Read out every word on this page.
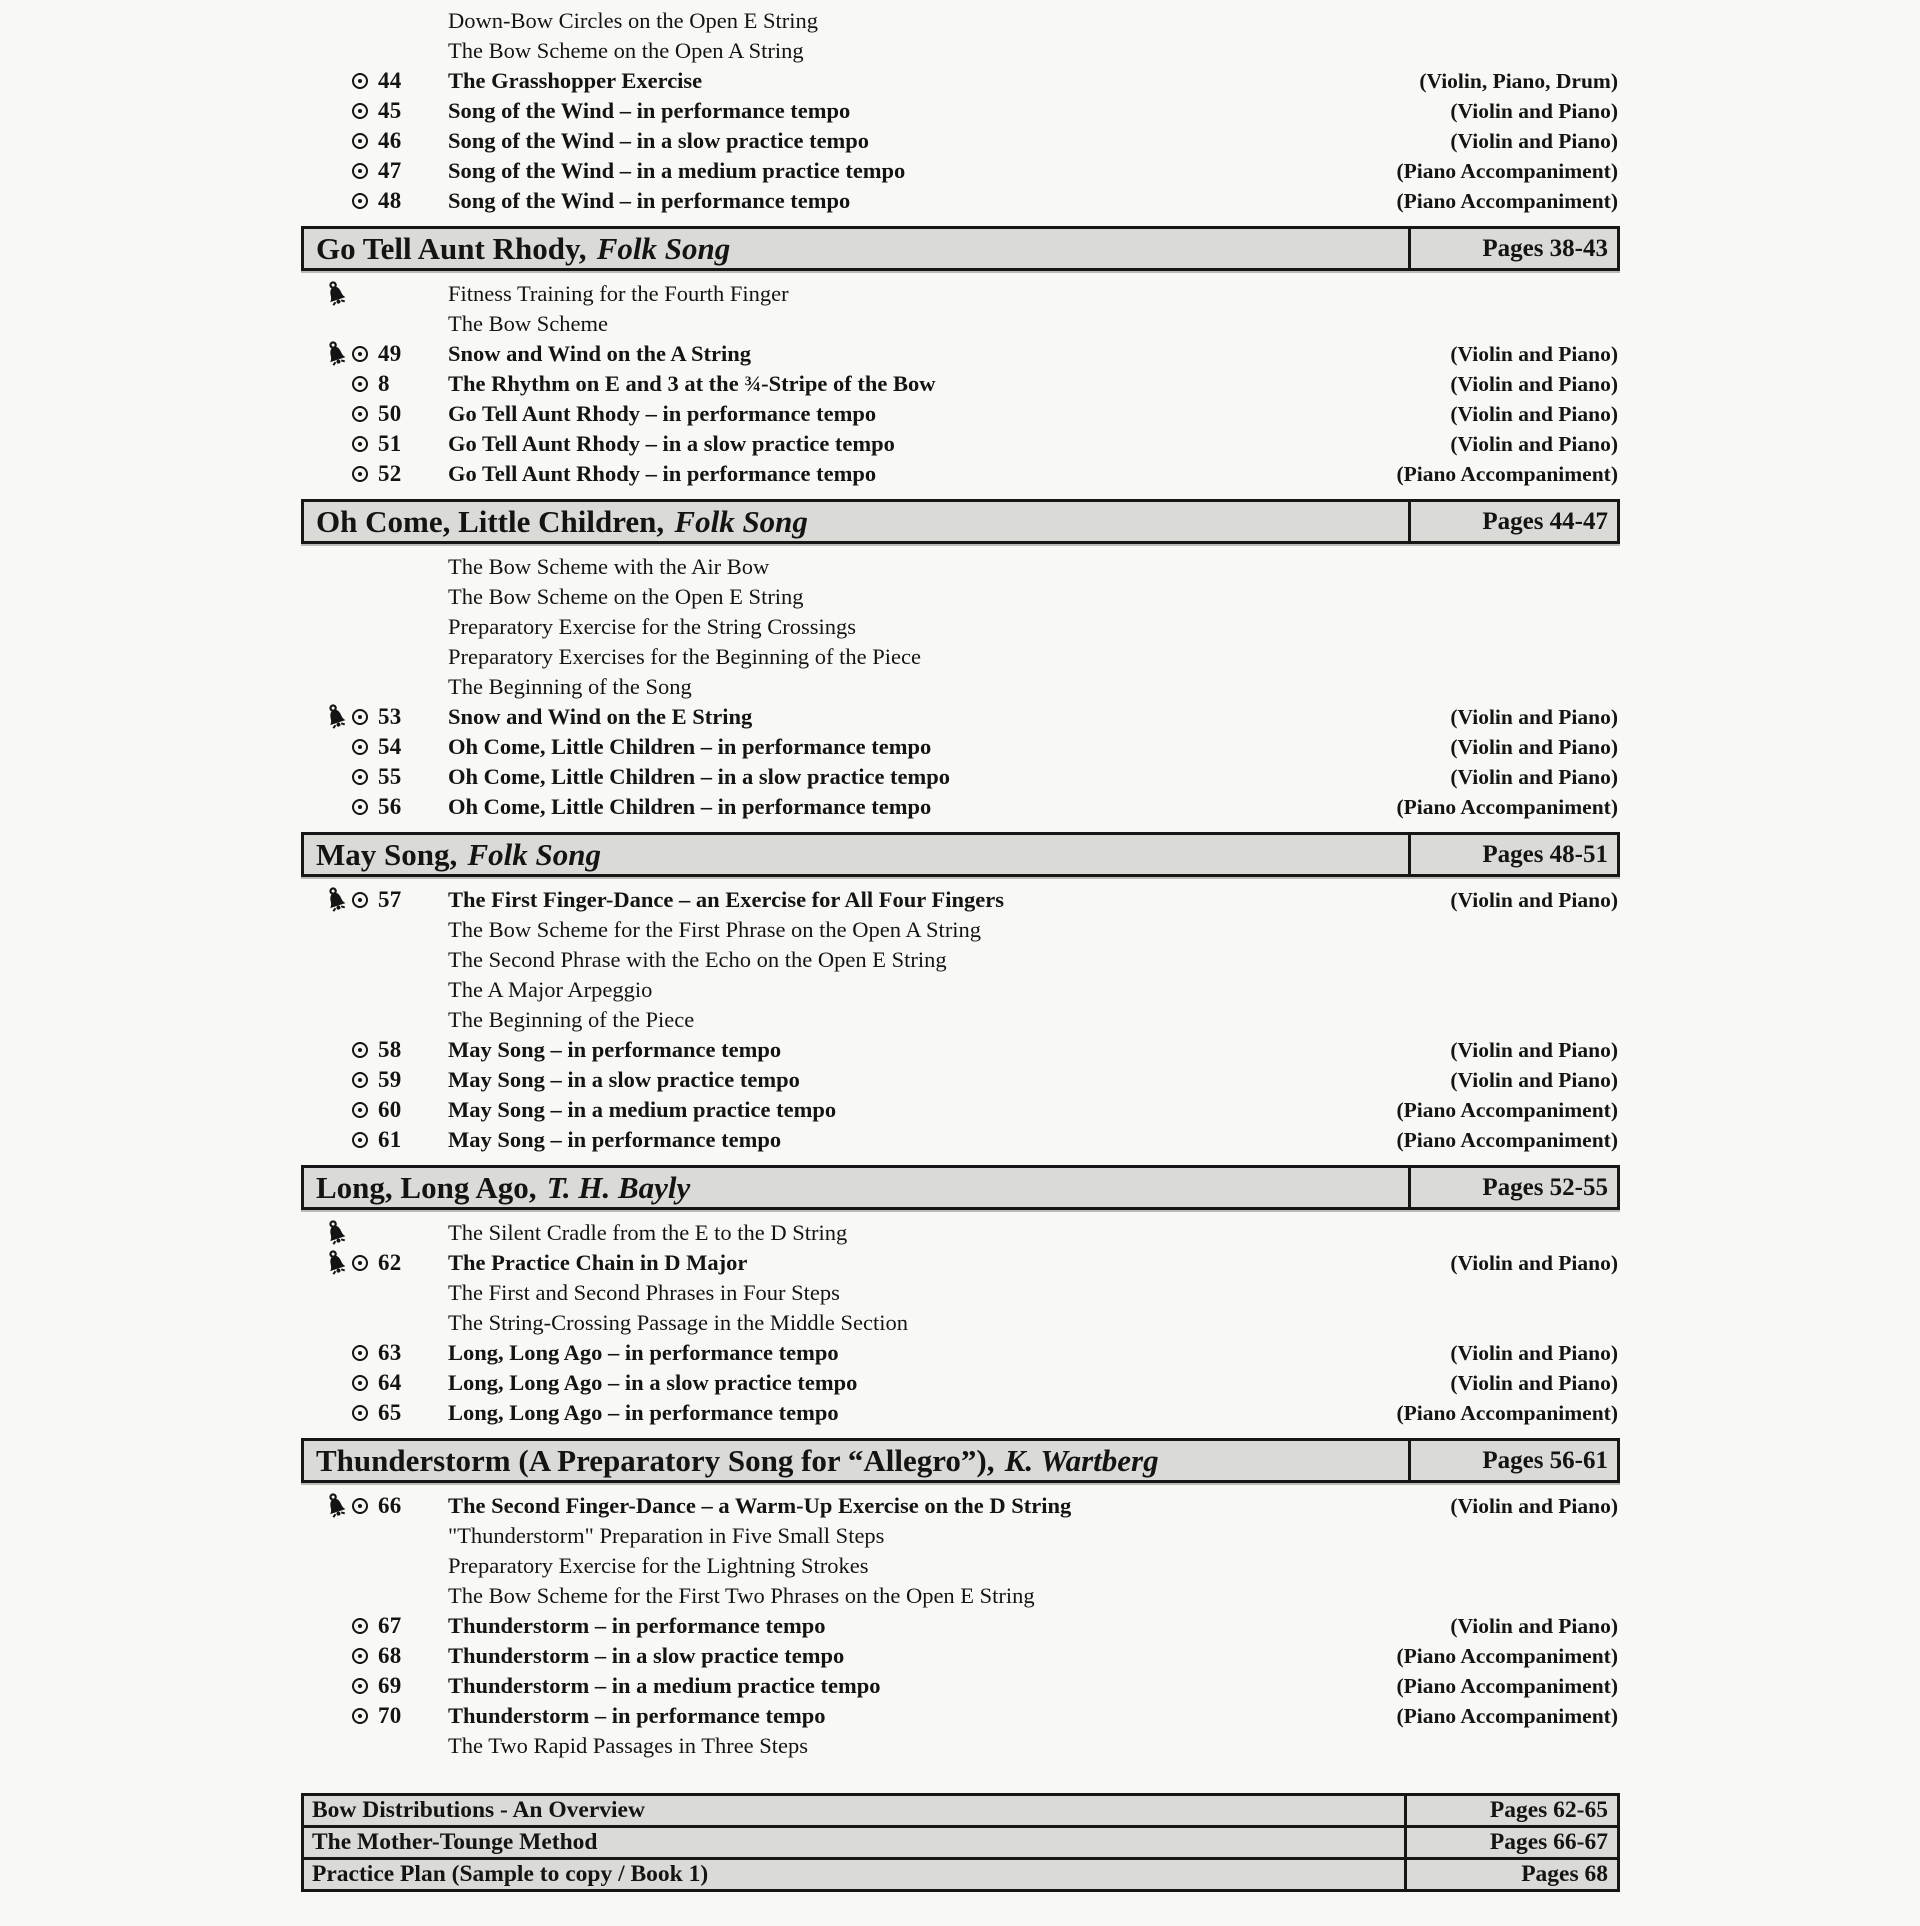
Down-Bow Circles on the Open E String
The Bow Scheme on the Open A String
44	The Grasshopper Exercise	(Violin, Piano, Drum)
45	Song of the Wind – in performance tempo	(Violin and Piano)
46	Song of the Wind – in a slow practice tempo	(Violin and Piano)
47	Song of the Wind – in a medium practice tempo	(Piano Accompaniment)
48	Song of the Wind – in performance tempo	(Piano Accompaniment)
Go Tell Aunt Rhody, Folk Song	Pages 38-43
Fitness Training for the Fourth Finger
The Bow Scheme
49	Snow and Wind on the A String	(Violin and Piano)
8	The Rhythm on E and 3 at the ¾-Stripe of the Bow	(Violin and Piano)
50	Go Tell Aunt Rhody – in performance tempo	(Violin and Piano)
51	Go Tell Aunt Rhody – in a slow practice tempo	(Violin and Piano)
52	Go Tell Aunt Rhody – in performance tempo	(Piano Accompaniment)
Oh Come, Little Children, Folk Song	Pages 44-47
The Bow Scheme with the Air Bow
The Bow Scheme on the Open E String
Preparatory Exercise for the String Crossings
Preparatory Exercises for the Beginning of the Piece
The Beginning of the Song
53	Snow and Wind on the E String	(Violin and Piano)
54	Oh Come, Little Children – in performance tempo	(Violin and Piano)
55	Oh Come, Little Children – in a slow practice tempo	(Violin and Piano)
56	Oh Come, Little Children – in performance tempo	(Piano Accompaniment)
May Song, Folk Song	Pages 48-51
57	The First Finger-Dance – an Exercise for All Four Fingers	(Violin and Piano)
The Bow Scheme for the First Phrase on the Open A String
The Second Phrase with the Echo on the Open E String
The A Major Arpeggio
The Beginning of the Piece
58	May Song – in performance tempo	(Violin and Piano)
59	May Song – in a slow practice tempo	(Violin and Piano)
60	May Song – in a medium practice tempo	(Piano Accompaniment)
61	May Song – in performance tempo	(Piano Accompaniment)
Long, Long Ago, T. H. Bayly	Pages 52-55
The Silent Cradle from the E to the D String
62	The Practice Chain in D Major	(Violin and Piano)
The First and Second Phrases in Four Steps
The String-Crossing Passage in the Middle Section
63	Long, Long Ago – in performance tempo	(Violin and Piano)
64	Long, Long Ago – in a slow practice tempo	(Violin and Piano)
65	Long, Long Ago – in performance tempo	(Piano Accompaniment)
Thunderstorm (A Preparatory Song for “Allegro”), K. Wartberg	Pages 56-61
66	The Second Finger-Dance – a Warm-Up Exercise on the D String	(Violin and Piano)
"Thunderstorm" Preparation in Five Small Steps
Preparatory Exercise for the Lightning Strokes
The Bow Scheme for the First Two Phrases on the Open E String
67	Thunderstorm – in performance tempo	(Violin and Piano)
68	Thunderstorm – in a slow practice tempo	(Piano Accompaniment)
69	Thunderstorm – in a medium practice tempo	(Piano Accompaniment)
70	Thunderstorm – in performance tempo	(Piano Accompaniment)
The Two Rapid Passages in Three Steps
Bow Distributions - An Overview	Pages 62-65
The Mother-Tounge Method	Pages 66-67
Practice Plan (Sample to copy / Book 1)	Pages 68
